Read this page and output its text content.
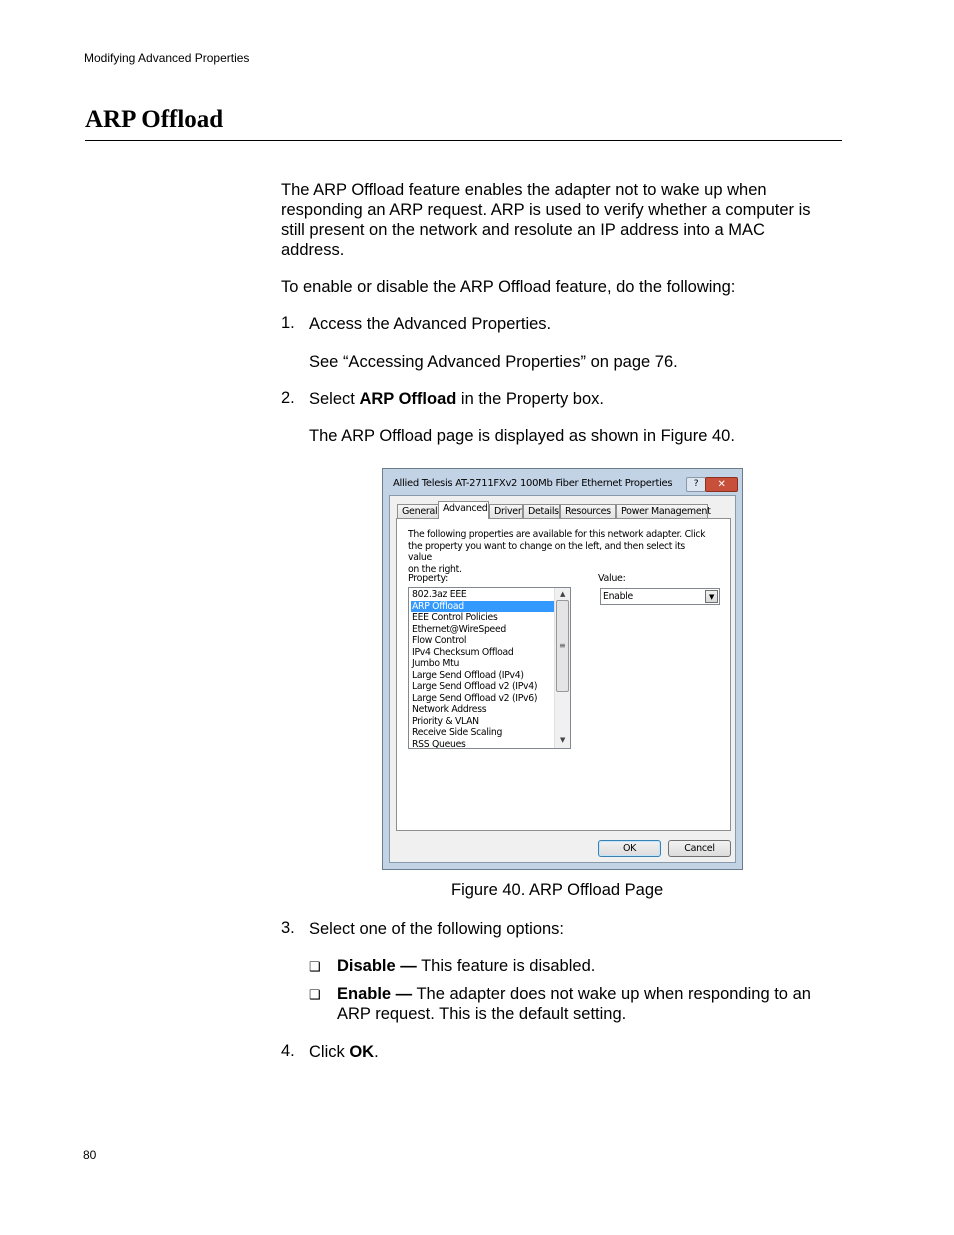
Modifying Advanced Properties
ARP Offload
The ARP Offload feature enables the adapter not to wake up when
responding an ARP request. ARP is used to verify whether a computer is
still present on the network and resolute an IP address into a MAC
address.
To enable or disable the ARP Offload feature, do the following:
1. Access the Advanced Properties.
See “Accessing Advanced Properties” on page 76.
2. Select ARP Offload in the Property box.
The ARP Offload page is displayed as shown in Figure 40.
Allied Telesis AT-2711FXv2 100Mb Fiber Ethernet Properties	?	✕
General Advanced Driver Details Resources	Power Management
The following properties are available for this network adapter. Click
the property you want to change on the left, and then select its value
on the right.
Property:	Value:
802.3az EEE
ARP Offload
EEE Control Policies
Ethernet@WireSpeed
Flow Control
IPv4 Checksum Offload
Jumbo Mtu
Large Send Offload (IPv4)
Large Send Offload v2 (IPv4)
Large Send Offload v2 (IPv6)
Network Address
Priority & VLAN
Receive Side Scaling
RSS Queues
▲
≡
▼
Enable	▼
OK	Cancel
Figure 40. ARP Offload Page
3. Select one of the following options:
❑ Disable — This feature is disabled.
❑ Enable — The adapter does not wake up when responding to an
ARP request. This is the default setting.
4. Click OK.
80
